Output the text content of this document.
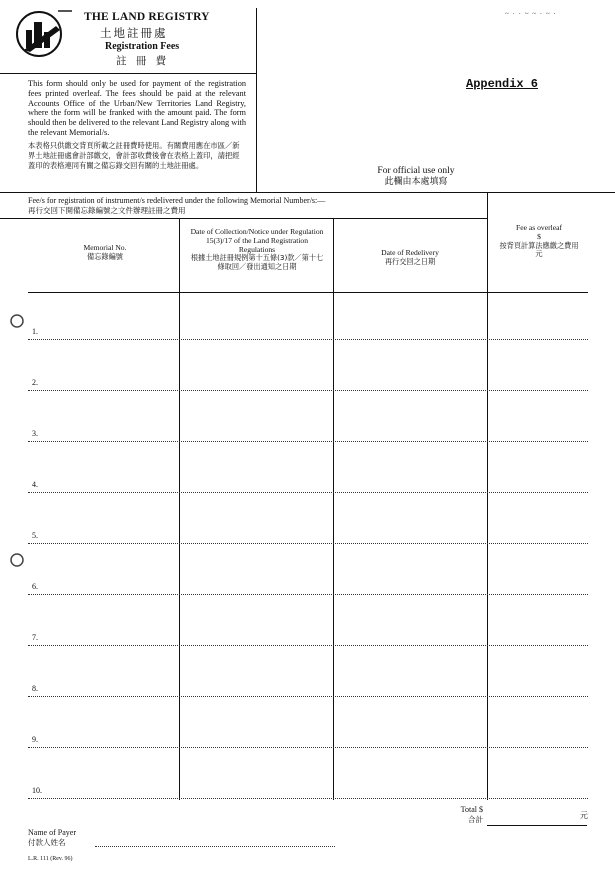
THE LAND REGISTRY
土地註冊處
Registration Fees
註 冊 費
~ · · ~ ~ · ~ ·
This form should only be used for payment of the registration fees printed overleaf. The fees should be paid at the relevant Accounts Office of the Urban/New Territories Land Registry, where the form will be franked with the amount paid. The form should then be delivered to the relevant Land Registry along with the relevant Memorial/s.
本表格只供繳交背頁所載之註冊費時使用。有關費用應在市區／新界土地註冊處會計部繳交，會計部收費後會在表格上蓋印，請把經蓋印的表格連同有關之備忘錄交回有關的土地註冊處。
Appendix 6
For official use only
此欄由本處填寫
Fee/s for registration of instrument/s redelivered under the following Memorial Number/s:—
再行交回下開備忘錄編號之文件辦理註冊之費用
Memorial No.
備忘錄編號
Date of Collection/Notice under Regulation 15(3)/17 of the Land Registration Regulations
根據土地註冊規例第十五條(3)款／第十七條取回／發出通知之日期
Date of Redelivery
再行交回之日期
Fee as overleaf
$
按背頁計算法應繳之費用
元
1.
2.
3.
4.
5.
6.
7.
8.
9.
10.
Total $
合計	元
Name of Payer
付款人姓名
L.R. 111 (Rev. 96)
